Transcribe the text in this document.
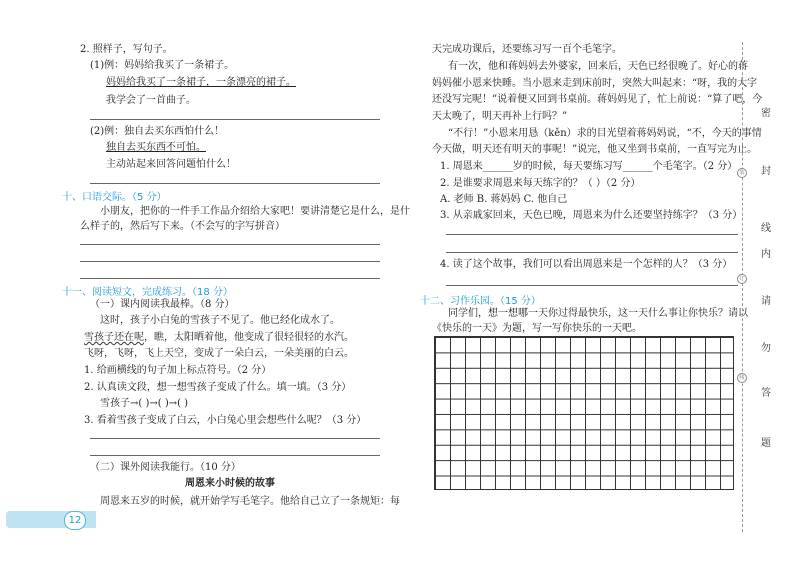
2. 照样子，写句子。
(1)例：妈妈给我买了一条裙子。
妈妈给我买了一条裙子，一条漂亮的裙子。
我学会了一首曲子。
(2)例：独自去买东西怕什么！
独自去买东西不可怕。
主动站起来回答问题怕什么！
十、口语交际。（5 分）
小朋友，把你的一件手工作品介绍给大家吧！要讲清楚它是什么，是什
么样子的，然后写下来。（不会写的字写拼音）
十一、阅读短文，完成练习。（18 分）
（一）课内阅读我最棒。（8 分）
这时，孩子小白兔的雪孩子不见了。他已经化成水了。
雪孩子还在呢，瞧，太阳晒着他，他变成了很轻很轻的水汽。
飞呀，飞呀，飞上天空，变成了一朵白云，一朵美丽的白云。
1. 给画横线的句子加上标点符号。（2 分）
2. 认真读文段，想一想雪孩子变成了什么。填一填。（3 分）
雪孩子→( )→( )→( )
3. 看着雪孩子变成了白云，小白兔心里会想些什么呢？（3 分）
（二）课外阅读我能行。（10 分）
周恩来小时候的故事
周恩来五岁的时候，就开始学写毛笔字。他给自己立了一条规矩：每
12
天完成功课后，还要练习写一百个毛笔字。
有一次，他和蒋妈妈去外婆家，回来后，天色已经很晚了。好心的蒋
妈妈催小恩来快睡。当小恩来走到床前时，突然大叫起来：“呀，我的大字
还没写完呢！”说着便又回到书桌前。蒋妈妈见了，忙上前说：“算了吧，今
天太晚了，明天再补上行吗？”
“不行！”小恩来用恳（kěn）求的目光望着蒋妈妈说，“不，今天的事情
今天做，明天还有明天的事呢！”说完，他又坐到书桌前，一直写完为止。
1. 周恩来______岁的时候，每天要练习写______个毛笔字。（2 分）
2. 是谁要求周恩来每天练字的？（ ）（2 分）
A. 老师 B. 蒋妈妈 C. 他自己
3. 从亲戚家回来，天色已晚，周恩来为什么还要坚持练字？（3 分）
4. 读了这个故事，我们可以看出周恩来是一个怎样的人？（3 分）
十二、习作乐园。（15 分）
同学们，想一想哪一天你过得最快乐，这一天什么事让你快乐？请以
《快乐的一天》为题，写一写你快乐的一天吧。
密
封
线
内
请
勿
答
题
装
订
线
